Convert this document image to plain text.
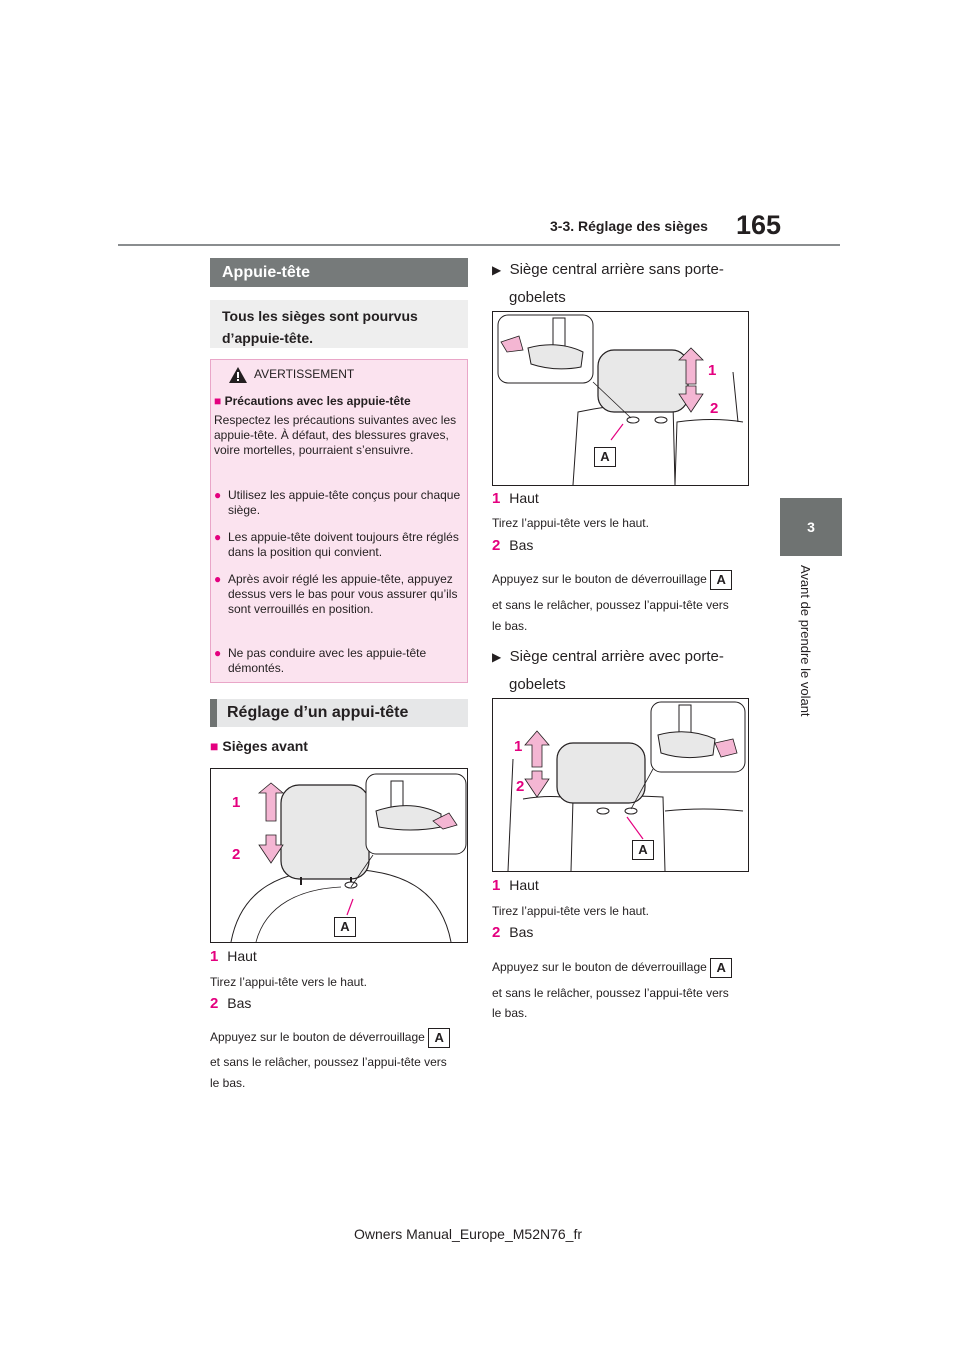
3-3. Réglage des sièges 165
3
Avant de prendre le volant
Appuie-tête
Tous les sièges sont pourvus
d’appuie-tête.
AVERTISSEMENT
■ Précautions avec les appuie-tête
Respectez les précautions suivantes avec les appuie-tête. À défaut, des blessures graves, voire mortelles, pourraient s’ensuivre.
● Utilisez les appuie-tête conçus pour chaque siège.
● Les appuie-tête doivent toujours être réglés dans la position qui convient.
● Après avoir réglé les appuie-tête, appuyez dessus vers le bas pour vous assurer qu’ils sont verrouillés en position.
● Ne pas conduire avec les appuie-tête démontés.
Réglage d’un appui-tête
■ Sièges avant
1
2
A
1 Haut
Tirez l’appui-tête vers le haut.
2 Bas
Appuyez sur le bouton de déverrouillage A
et sans le relâcher, poussez l’appui-tête vers
le bas.
▶ Siège central arrière sans porte-
gobelets
1
2
A
1 Haut
Tirez l’appui-tête vers le haut.
2 Bas
Appuyez sur le bouton de déverrouillage A
et sans le relâcher, poussez l’appui-tête vers
le bas.
▶ Siège central arrière avec porte-
gobelets
1
2
A
1 Haut
Tirez l’appui-tête vers le haut.
2 Bas
Appuyez sur le bouton de déverrouillage A
et sans le relâcher, poussez l’appui-tête vers
le bas.
Owners Manual_Europe_M52N76_fr
